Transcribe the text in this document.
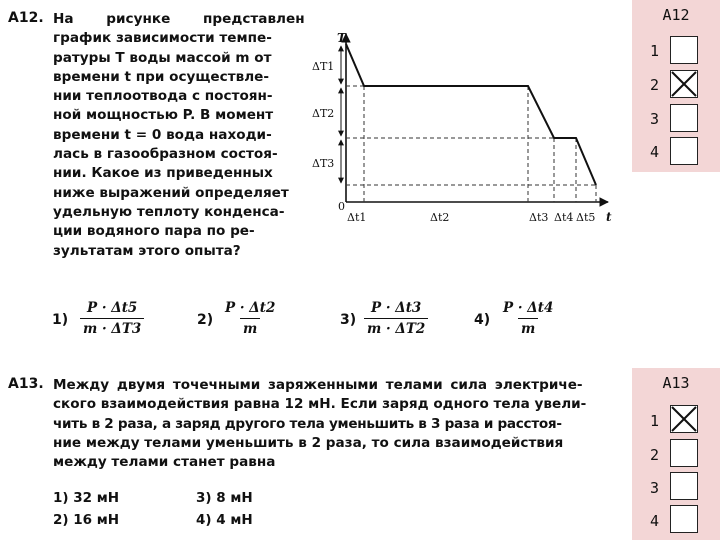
A12. На рисунке представлен
график зависимости темпе-
ратуры T воды массой m от
времени t при осуществле-
нии теплоотвода с постоян-
ной мощностью P. В момент
времени t = 0 вода находи-
лась в газообразном состоя-
нии. Какое из приведенных
ниже выражений определяет
удельную теплоту конденса-
ции водяного пара по ре-
зультатам этого опыта?
T
t
0
ΔT1
ΔT2
ΔT3
Δt1	Δt2	Δt3 Δt4 Δt5
$1) \frac{P \cdot \Delta t5}{m \cdot \Delta T3}$	$2) \frac{P \cdot \Delta t2}{m}$	$3) \frac{P \cdot \Delta t3}{m \cdot \Delta T2}$	$4) \frac{P \cdot \Delta t4}{m}$
A12
1
2
3
4
A13. Между двумя точечными заряженными телами сила электриче-
ского взаимодействия равна 12 мН. Если заряд одного тела увели-
чить в 2 раза, а заряд другого тела уменьшить в 3 раза и расстоя-
ние между телами уменьшить в 2 раза, то сила взаимодействия
между телами станет равна
1) 32 мН
2) 16 мН
3) 8 мН
4) 4 мН
A13
1
2
3
4
